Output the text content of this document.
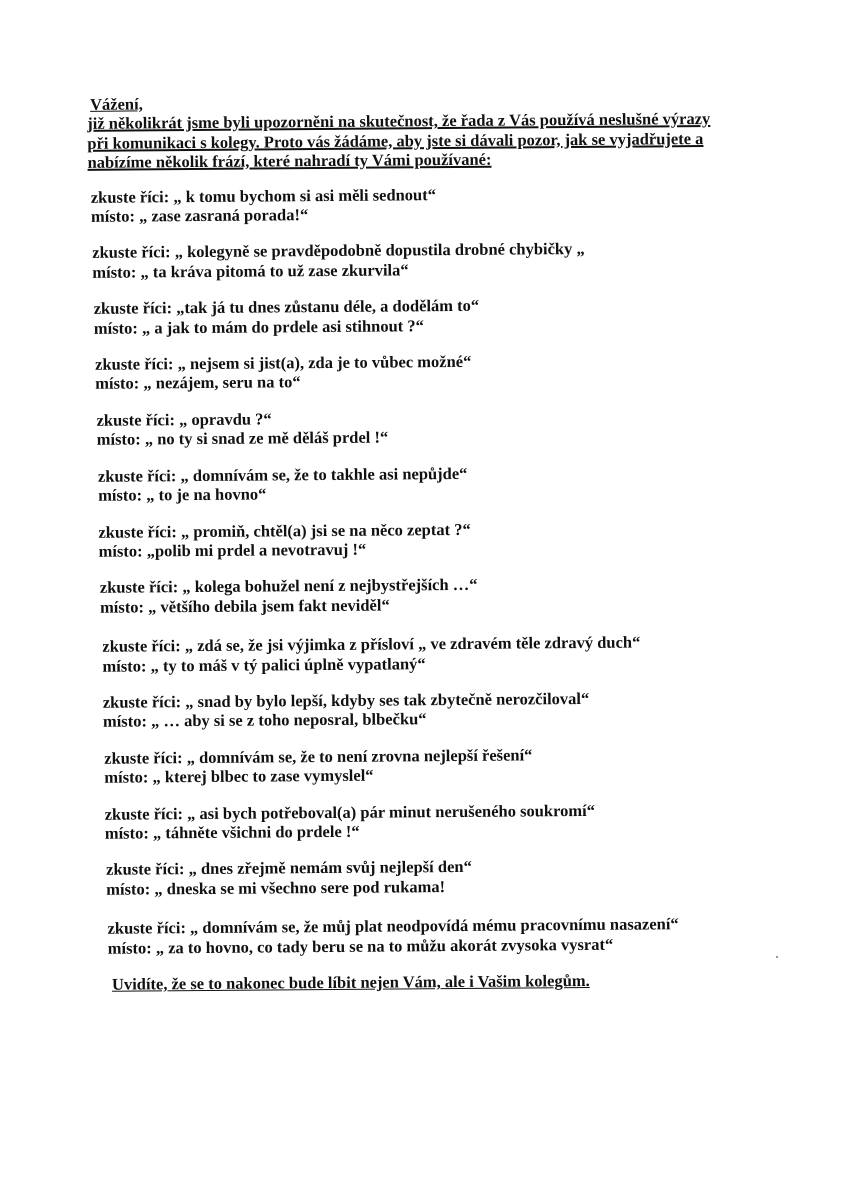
Vážení,
již několikrát jsme byli upozorněni na skutečnost, že řada z Vás používá neslušné výrazy
při komunikaci s kolegy. Proto vás žádáme, aby jste si dávali pozor, jak se vyjadřujete a
nabízíme několik frází, které nahradí ty Vámi používané:
zkuste říci: „ k tomu bychom si asi měli sednout“
místo: „ zase zasraná porada!“
zkuste říci: „ kolegyně se pravděpodobně dopustila drobné chybičky „
místo: „ ta kráva pitomá to už zase zkurvila“
zkuste říci: „tak já tu dnes zůstanu déle, a dodělám to“
místo: „ a jak to mám do prdele asi stihnout ?“
zkuste říci: „ nejsem si jist(a), zda je to vůbec možné“
místo: „ nezájem, seru na to“
zkuste říci: „ opravdu ?“
místo: „ no ty si snad ze mě děláš prdel !“
zkuste říci: „ domnívám se, že to takhle asi nepůjde“
místo: „ to je na hovno“
zkuste říci: „ promiň, chtěl(a) jsi se na něco zeptat ?“
místo: „polib mi prdel a nevotravuj !“
zkuste říci: „ kolega bohužel není z nejbystřejších …“
místo: „ většího debila jsem fakt neviděl“
zkuste říci: „ zdá se, že jsi výjimka z přísloví „ ve zdravém těle zdravý duch“
místo: „ ty to máš v tý palici úplně vypatlaný“
zkuste říci: „ snad by bylo lepší, kdyby ses tak zbytečně nerozčiloval“
místo: „ … aby si se z toho neposral, blbečku“
zkuste říci: „ domnívám se, že to není zrovna nejlepší řešení“
místo: „ kterej blbec to zase vymyslel“
zkuste říci: „ asi bych potřeboval(a) pár minut nerušeného soukromí“
místo: „ táhněte všichni do prdele !“
zkuste říci: „ dnes zřejmě nemám svůj nejlepší den“
místo: „ dneska se mi všechno sere pod rukama!
zkuste říci: „ domnívám se, že můj plat neodpovídá mému pracovnímu nasazení“
místo: „ za to hovno, co tady beru se na to můžu akorát zvysoka vysrat“
Uvidíte, že se to nakonec bude líbit nejen Vám, ale i Vašim kolegům.
